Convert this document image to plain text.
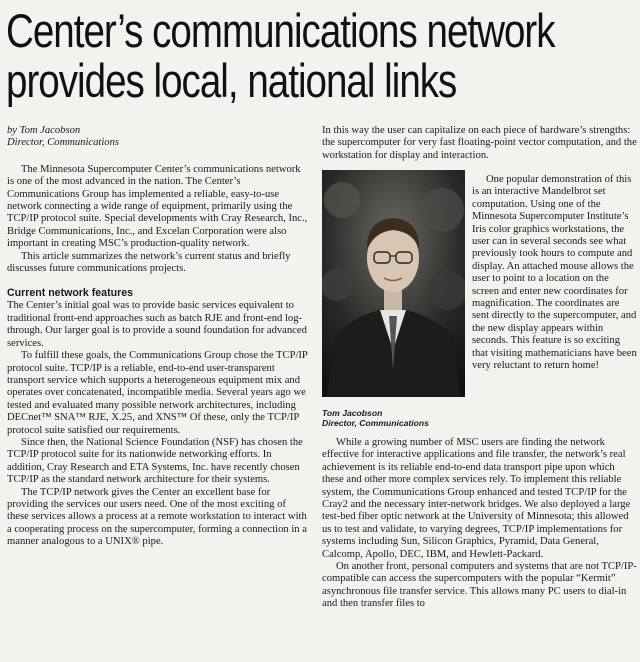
Center’s communications network
provides local, national links
by Tom Jacobson
Director, Communications

The Minnesota Supercomputer Center’s communications network is one of the most advanced in the nation. The Center’s Communications Group has implemented a reliable, easy-to-use network connecting a wide range of equipment, primarily using the TCP/IP protocol suite. Special developments with Cray Research, Inc., Bridge Communications, Inc., and Excelan Corporation were also important in creating MSC’s production-quality network.

This article summarizes the network’s current status and briefly discusses future communications projects.

Current network features

The Center’s initial goal was to provide basic services equivalent to traditional front-end approaches such as batch RJE and front-end log-through. Our larger goal is to provide a sound foundation for advanced services.

To fulfill these goals, the Communications Group chose the TCP/IP protocol suite. TCP/IP is a reliable, end-to-end user-transparent transport service which supports a heterogeneous equipment mix and operates over concatenated, incompatible media. Several years ago we tested and evaluated many possible network architectures, including DECnet™ SNA™ RJE, X.25, and XNS™ Of these, only the TCP/IP protocol suite satisfied our requirements.

Since then, the National Science Foundation (NSF) has chosen the TCP/IP protocol suite for its nationwide networking efforts. In addition, Cray Research and ETA Systems, Inc. have recently chosen TCP/IP as the standard network architecture for their systems.

The TCP/IP network gives the Center an excellent base for providing the services our users need. One of the most exciting of these services allows a process at a remote workstation to interact with a cooperating process on the supercomputer, forming a connection in a manner analogous to a UNIX® pipe.

In this way the user can capitalize on each piece of hardware’s strengths: the supercomputer for very fast floating-point vector computation, and the workstation for display and interaction.

One popular demonstration of this is an interactive Mandelbrot set computation. Using one of the Minnesota Supercomputer Institute’s Iris color graphics workstations, the user can in several seconds see what previously took hours to compute and display. An attached mouse allows the user to point to a location on the screen and enter new coordinates for magnification. The coordinates are sent directly to the supercomputer, and the new display appears within seconds. This feature is so exciting that visiting mathematicians have been very reluctant to return home!

Tom Jacobson
Director, Communications

While a growing number of MSC users are finding the network effective for interactive applications and file transfer, the network’s real achievement is its reliable end-to-end data transport pipe upon which these and other more complex services rely. To implement this reliable system, the Communications Group enhanced and tested TCP/IP for the Cray2 and the necessary inter-network bridges. We also deployed a large test-bed fiber optic network at the University of Minnesota; this allowed us to test and validate, to varying degrees, TCP/IP implementations for systems including Sun, Silicon Graphics, Pyramid, Data General, Calcomp, Apollo, DEC, IBM, and Hewlett-Packard.

On another front, personal computers and systems that are not TCP/IP-compatible can access the supercomputers with the popular “Kermit” asynchronous file transfer service. This allows many PC users to dial-in and then transfer files to
